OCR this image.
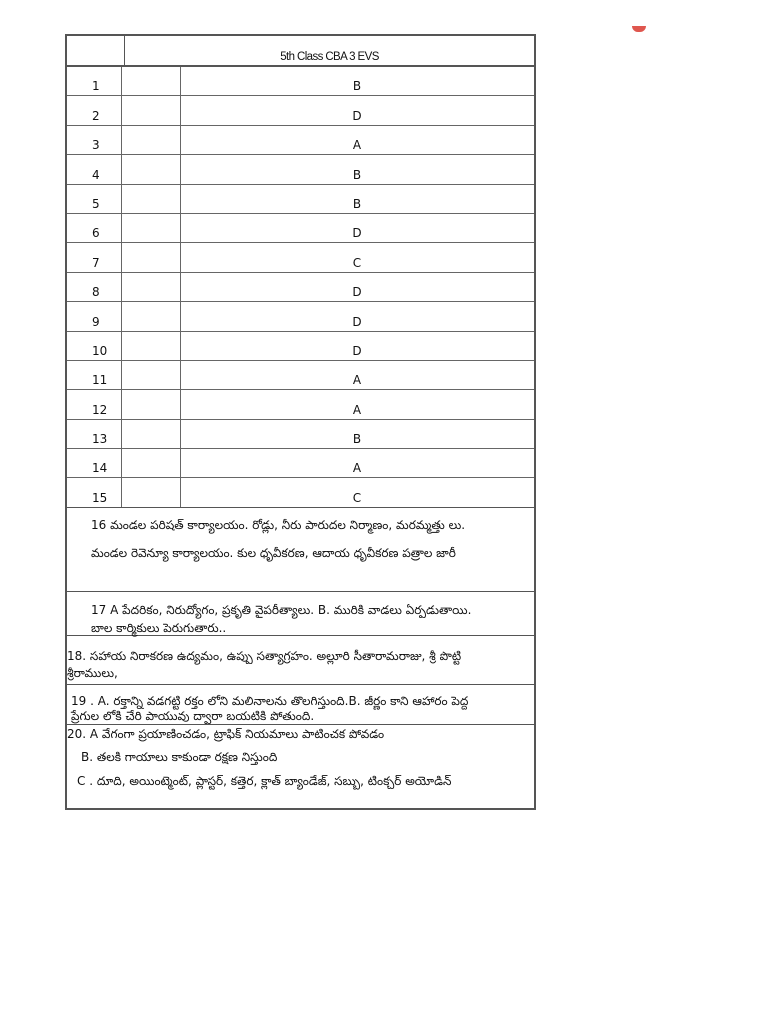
5th Class CBA 3 EVS
1	B
2	D
3	A
4	B
5	B
6	D
7	C
8	D
9	D
10	D
11	A
12	A
13	B
14	A
15	C

16 మండల పరిషత్ కార్యాలయం. రోడ్లు, నీరు పారుదల నిర్మాణం, మరమ్మత్తు లు.

మండల రెవెన్యూ కార్యాలయం. కుల ధృవీకరణ, ఆదాయ ధృవీకరణ పత్రాల జారీ

17 A పేదరికం, నిరుద్యోగం, ప్రకృతి వైపరీత్యాలు. B. మురికి వాడలు ఏర్పడుతాయి.

బాల కార్మికులు పెరుగుతారు..

18. సహాయ నిరాకరణ ఉద్యమం, ఉప్పు సత్యాగ్రహం. అల్లూరి సీతారామరాజు, శ్రీ పొట్టి

శ్రీరాములు,

19 . A. రక్తాన్ని వడగట్టి రక్తం లోని మలినాలను తొలగిస్తుంది.B. జీర్ణం కాని ఆహారం పెద్ద

ప్రేగుల లోకి చేరి పాయువు ద్వారా బయటికి పోతుంది.

20. A వేగంగా ప్రయాణించడం, ట్రాఫిక్ నియమాలు పాటించక పోవడం

B. తలకి గాయాలు కాకుండా రక్షణ నిస్తుంది

C . దూది, అయింట్మెంట్, ప్లాస్టర్, కత్తెర, క్లాత్ బ్యాండేజ్, సబ్బు, టింక్చర్ అయోడిన్
